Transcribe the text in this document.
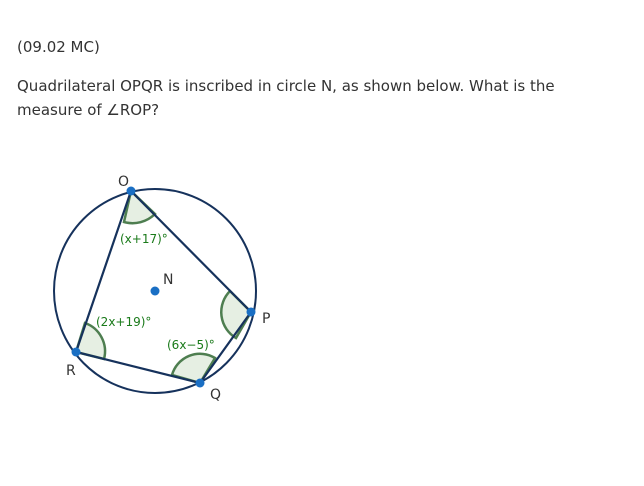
(09.02 MC)
Quadrilateral OPQR is inscribed in circle N, as shown below. What is the measure of ∠ROP?
O
P
Q
R
N
(x+17)°
(2x+19)°
(6x−5)°
